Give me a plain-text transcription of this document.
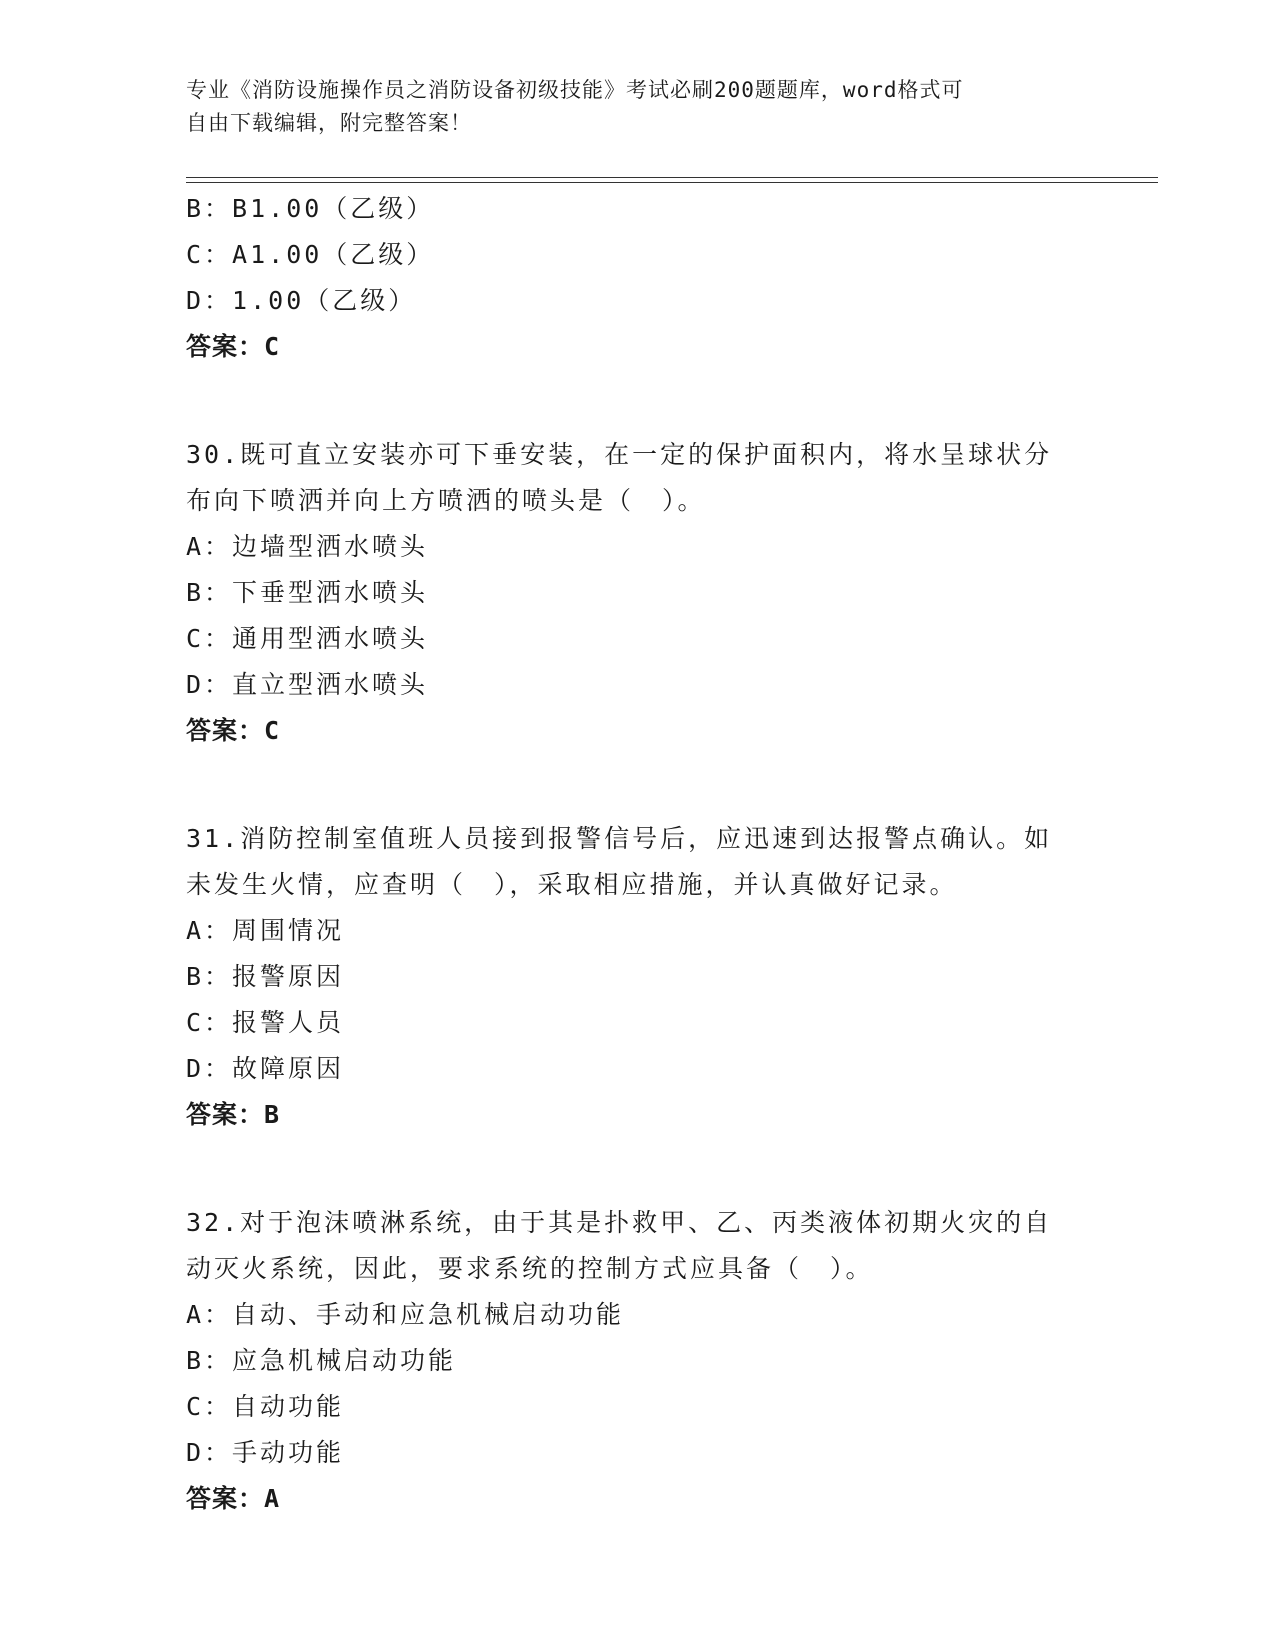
专业《消防设施操作员之消防设备初级技能》考试必刷200题题库，word格式可
自由下载编辑，附完整答案！
B：B1.00（乙级）
C：A1.00（乙级）
D：1.00（乙级）
答案：C
30.既可直立安装亦可下垂安装，在一定的保护面积内，将水呈球状分布向下喷洒并向上方喷洒的喷头是（　）。
A：边墙型洒水喷头
B：下垂型洒水喷头
C：通用型洒水喷头
D：直立型洒水喷头
答案：C
31.消防控制室值班人员接到报警信号后，应迅速到达报警点确认。如未发生火情，应查明（　），采取相应措施，并认真做好记录。
A：周围情况
B：报警原因
C：报警人员
D：故障原因
答案：B
32.对于泡沫喷淋系统，由于其是扑救甲、乙、丙类液体初期火灾的自动灭火系统，因此，要求系统的控制方式应具备（　）。
A：自动、手动和应急机械启动功能
B：应急机械启动功能
C：自动功能
D：手动功能
答案：A
